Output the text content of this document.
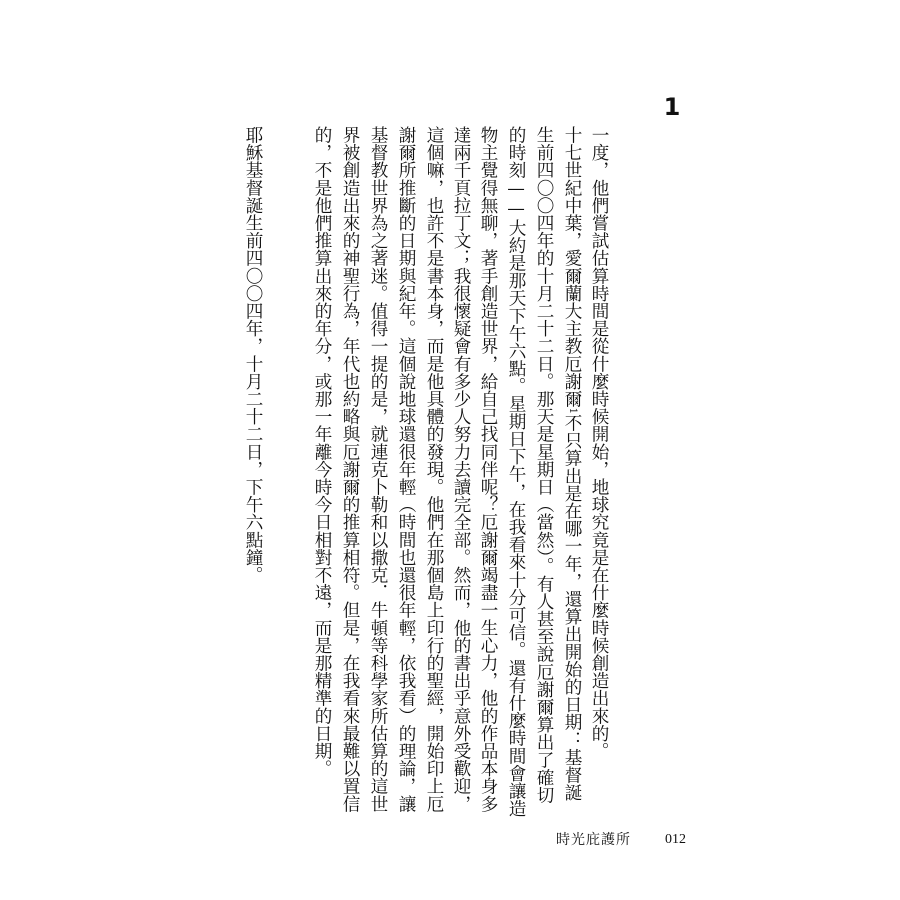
1
一度，他們嘗試估算時間是從什麼時候開始，地球究竟是在什麼時候創造出來的。
十七世紀中葉，愛爾蘭大主教厄謝爾1不只算出是在哪一年，還算出開始的日期：基督誕
生前四〇〇四年的十月二十二日。那天是星期日（當然）。有人甚至說厄謝爾算出了確切
的時刻——大約是那天下午六點。星期日下午，在我看來十分可信。還有什麼時間會讓造
物主覺得無聊，著手創造世界，給自己找同伴呢？厄謝爾竭盡一生心力，他的作品本身多
達兩千頁拉丁文；我很懷疑會有多少人努力去讀完全部。然而，他的書出乎意外受歡迎，
這個嘛，也許不是書本身，而是他具體的發現。他們在那個島上印行的聖經，開始印上厄
謝爾所推斷的日期與紀年。這個說地球還很年輕（時間也還很年輕，依我看）的理論，讓
基督教世界為之著迷。值得一提的是，就連克卜勒和以撒克．牛頓等科學家所估算的這世
界被創造出來的神聖行為，年代也約略與厄謝爾的推算相符。但是，在我看來最難以置信
的，不是他們推算出來的年分，或那一年離今時今日相對不遠，而是那精準的日期。
耶穌基督誕生前四〇〇四年，十月二十二日，下午六點鐘。
時光庇護所 012
